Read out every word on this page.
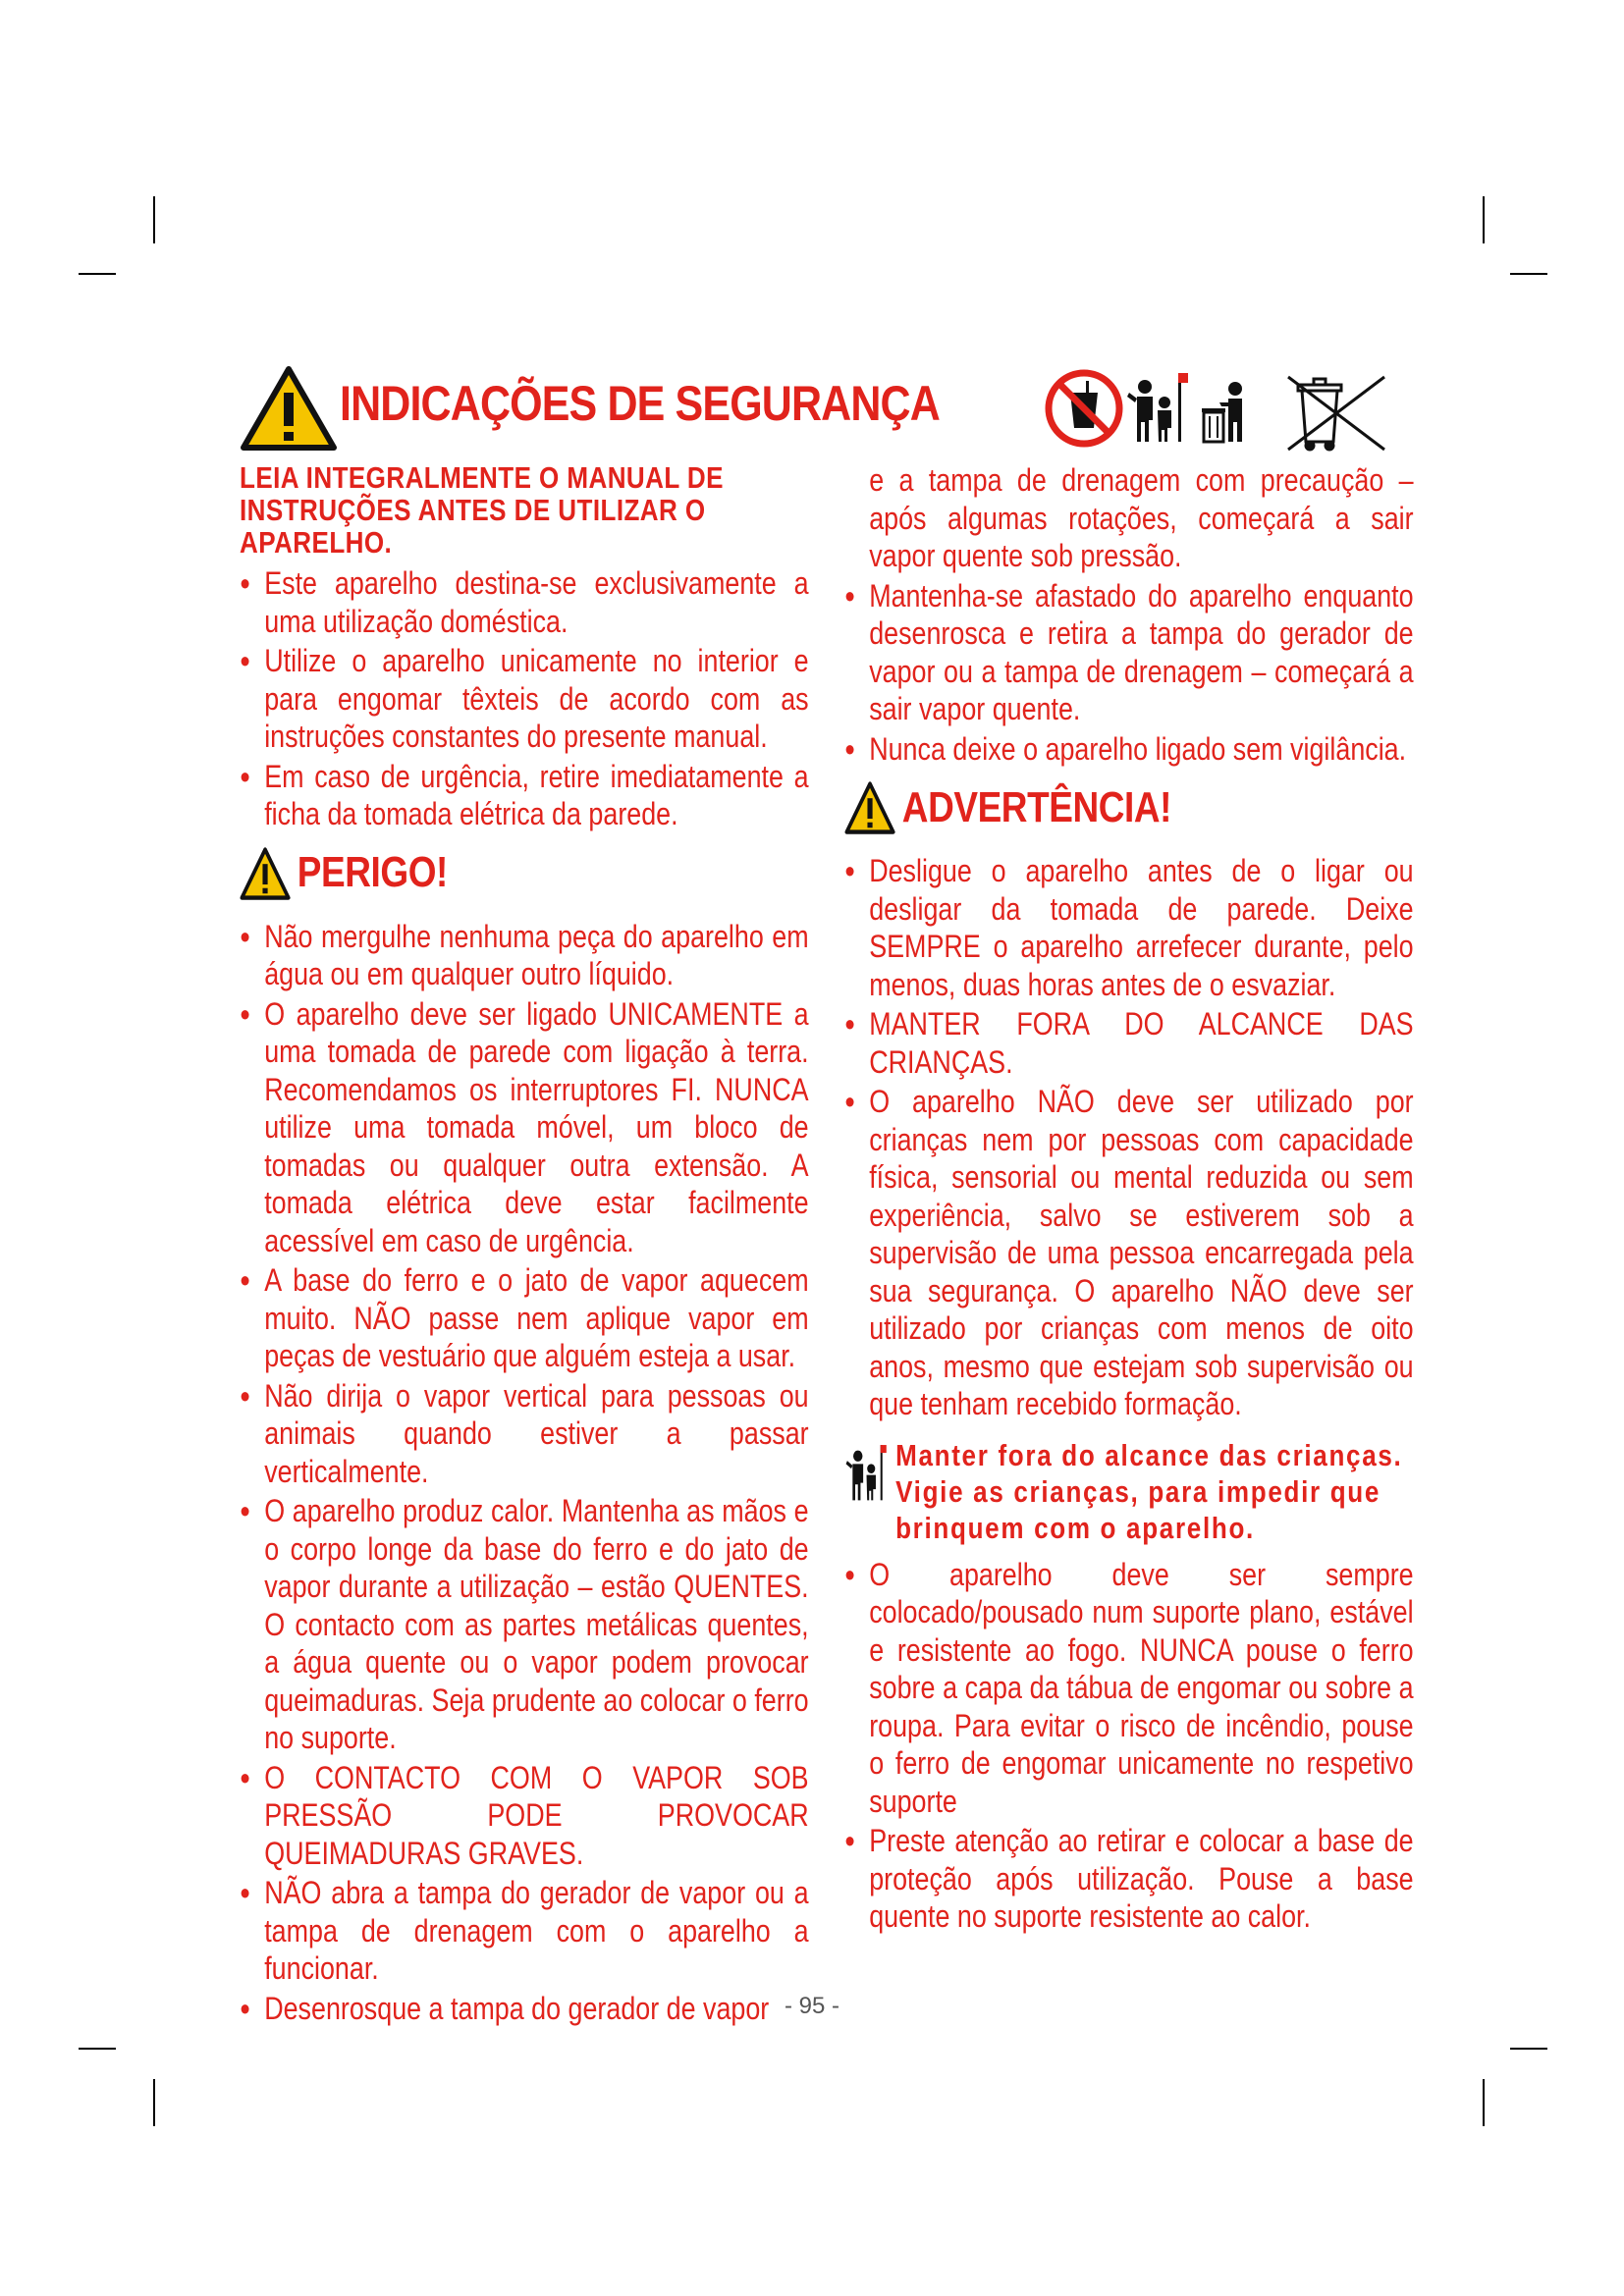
INDICAÇÕES DE SEGURANÇA
LEIA INTEGRALMENTE O MANUAL DE INSTRUÇÕES ANTES DE UTILIZAR O APARELHO.
● Este aparelho destina-se exclusivamente a uma utilização doméstica.
● Utilize o aparelho unicamente no interior e para engomar têxteis de acordo com as instruções constantes do presente manual.
● Em caso de urgência, retire imediatamente a ficha da tomada elétrica da parede.
PERIGO!
● Não mergulhe nenhuma peça do aparelho em água ou em qualquer outro líquido.
● O aparelho deve ser ligado UNICAMENTE a uma tomada de parede com ligação à terra. Recomendamos os interruptores FI. NUNCA utilize uma tomada móvel, um bloco de tomadas ou qualquer outra extensão. A tomada elétrica deve estar facilmente acessível em caso de urgência.
● A base do ferro e o jato de vapor aquecem muito. NÃO passe nem aplique vapor em peças de vestuário que alguém esteja a usar.
● Não dirija o vapor vertical para pessoas ou animais quando estiver a passar verticalmente.
● O aparelho produz calor. Mantenha as mãos e o corpo longe da base do ferro e do jato de vapor durante a utilização – estão QUENTES. O contacto com as partes metálicas quentes, a água quente ou o vapor podem provocar queimaduras. Seja prudente ao colocar o ferro no suporte.
● O CONTACTO COM O VAPOR SOB PRESSÃO PODE PROVOCAR QUEIMADURAS GRAVES.
● NÃO abra a tampa do gerador de vapor ou a tampa de drenagem com o aparelho a funcionar.
● Desenrosque a tampa do gerador de vapor
e a tampa de drenagem com precaução – após algumas rotações, começará a sair vapor quente sob pressão.
● Mantenha-se afastado do aparelho enquanto desenrosca e retira a tampa do gerador de vapor ou a tampa de drenagem – começará a sair vapor quente.
● Nunca deixe o aparelho ligado sem vigilância.
ADVERTÊNCIA!
● Desligue o aparelho antes de o ligar ou desligar da tomada de parede. Deixe SEMPRE o aparelho arrefecer durante, pelo menos, duas horas antes de o esvaziar.
● MANTER FORA DO ALCANCE DAS CRIANÇAS.
● O aparelho NÃO deve ser utilizado por crianças nem por pessoas com capacidade física, sensorial ou mental reduzida ou sem experiência, salvo se estiverem sob a supervisão de uma pessoa encarregada pela sua segurança. O aparelho NÃO deve ser utilizado por crianças com menos de oito anos, mesmo que estejam sob supervisão ou que tenham recebido formação.
Manter fora do alcance das crianças. Vigie as crianças, para impedir que brinquem com o aparelho.
● O aparelho deve ser sempre colocado/pousado num suporte plano, estável e resistente ao fogo. NUNCA pouse o ferro sobre a capa da tábua de engomar ou sobre a roupa. Para evitar o risco de incêndio, pouse o ferro de engomar unicamente no respetivo suporte
● Preste atenção ao retirar e colocar a base de proteção após utilização. Pouse a base quente no suporte resistente ao calor.
- 95 -
